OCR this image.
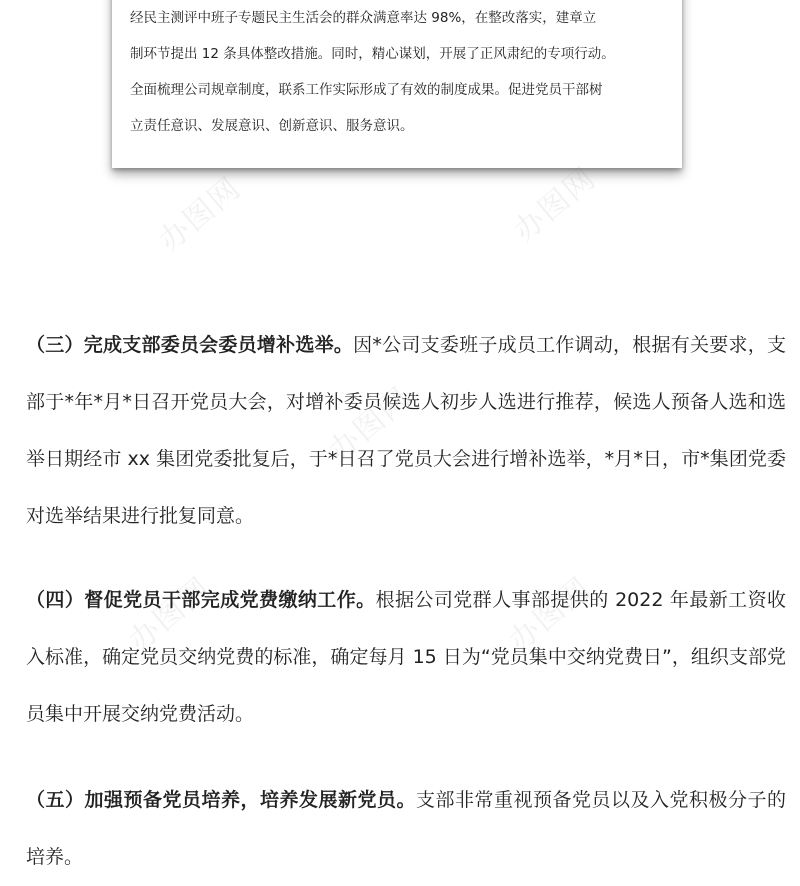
经民主测评中班子专题民主生活会的群众满意率达 98%，在整改落实，建章立

制环节提出 12 条具体整改措施。同时，精心谋划，开展了正风肃纪的专项行动。

全面梳理公司规章制度，联系工作实际形成了有效的制度成果。促进党员干部树

立责任意识、发展意识、创新意识、服务意识。

（三）完成支部委员会委员增补选举。因*公司支委班子成员工作调动，根据有关要求，支部于*年*月*日召开党员大会，对增补委员候选人初步人选进行推荐，候选人预备人选和选举日期经市 xx 集团党委批复后，于*日召了党员大会进行增补选举，*月*日，市*集团党委对选举结果进行批复同意。

（四）督促党员干部完成党费缴纳工作。根据公司党群人事部提供的 2022 年最新工资收入标准，确定党员交纳党费的标准，确定每月 15 日为“党员集中交纳党费日”，组织支部党员集中开展交纳党费活动。

（五）加强预备党员培养，培养发展新党员。支部非常重视预备党员以及入党积极分子的培养。

办图网	办图网
办图网
办图网	办图网
